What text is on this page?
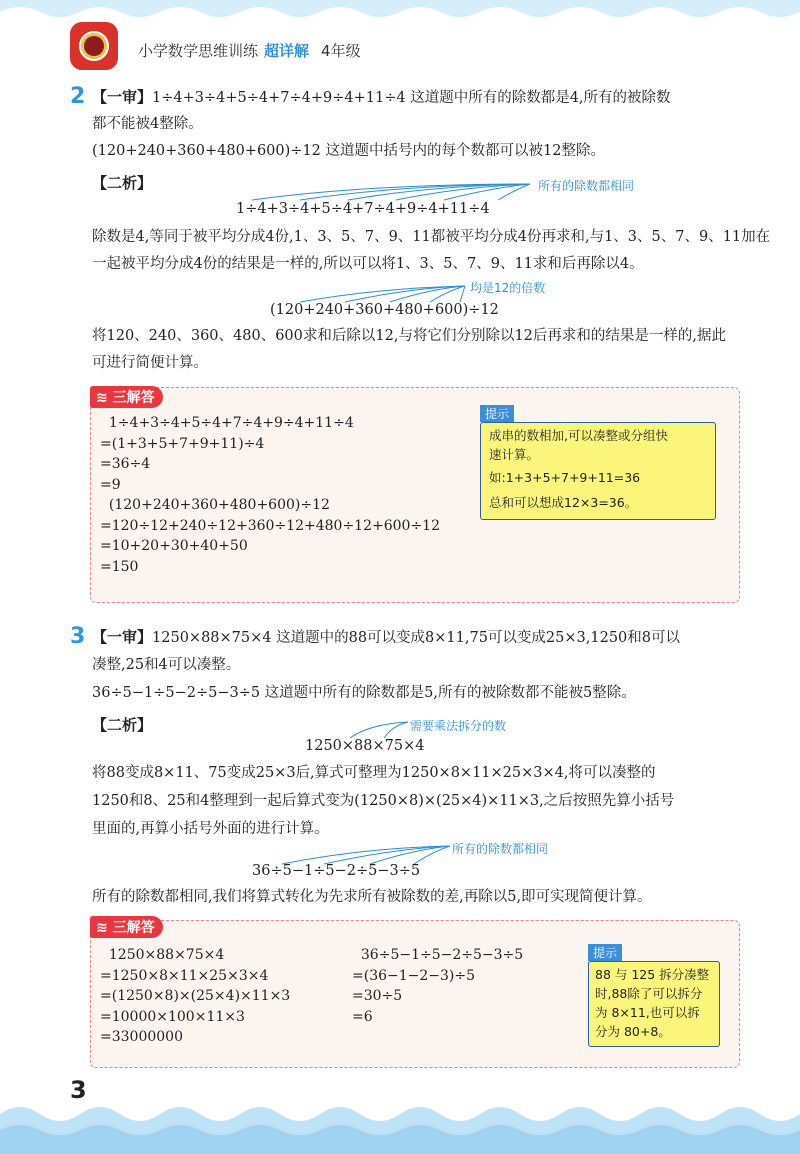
小学数学思维训练 超详解 4年级
2 【一审】1÷4+3÷4+5÷4+7÷4+9÷4+11÷4 这道题中所有的除数都是4,所有的被除数
都不能被4整除。
(120+240+360+480+600)÷12 这道题中括号内的每个数都可以被12整除。
【二析】	所有的除数都相同
1÷4+3÷4+5÷4+7÷4+9÷4+11÷4
除数是4,等同于被平均分成4份,1、3、5、7、9、11都被平均分成4份再求和,与1、3、5、7、9、11加在
一起被平均分成4份的结果是一样的,所以可以将1、3、5、7、9、11求和后再除以4。
均是12的倍数
(120+240+360+480+600)÷12
将120、240、360、480、600求和后除以12,与将它们分别除以12后再求和的结果是一样的,据此
可进行简便计算。
≋ 三解答
1÷4+3÷4+5÷4+7÷4+9÷4+11÷4
=(1+3+5+7+9+11)÷4
=36÷4
=9
(120+240+360+480+600)÷12
=120÷12+240÷12+360÷12+480÷12+600÷12
=10+20+30+40+50
=150
提示
成串的数相加,可以凑整或分组快
速计算。
如:1+3+5+7+9+11=36
总和可以想成12×3=36。
3 【一审】1250×88×75×4 这道题中的88可以变成8×11,75可以变成25×3,1250和8可以
凑整,25和4可以凑整。
36÷5−1÷5−2÷5−3÷5 这道题中所有的除数都是5,所有的被除数都不能被5整除。
【二析】	需要乘法拆分的数
1250×88×75×4
将88变成8×11、75变成25×3后,算式可整理为1250×8×11×25×3×4,将可以凑整的
1250和8、25和4整理到一起后算式变为(1250×8)×(25×4)×11×3,之后按照先算小括号
里面的,再算小括号外面的进行计算。
所有的除数都相同
36÷5−1÷5−2÷5−3÷5
所有的除数都相同,我们将算式转化为先求所有被除数的差,再除以5,即可实现简便计算。
≋ 三解答
1250×88×75×4
=1250×8×11×25×3×4
=(1250×8)×(25×4)×11×3
=10000×100×11×3
=33000000
36÷5−1÷5−2÷5−3÷5
=(36−1−2−3)÷5
=30÷5
=6
提示
88 与 125 拆分凑整
时,88除了可以拆分
为 8×11,也可以拆
分为 80+8。
3
